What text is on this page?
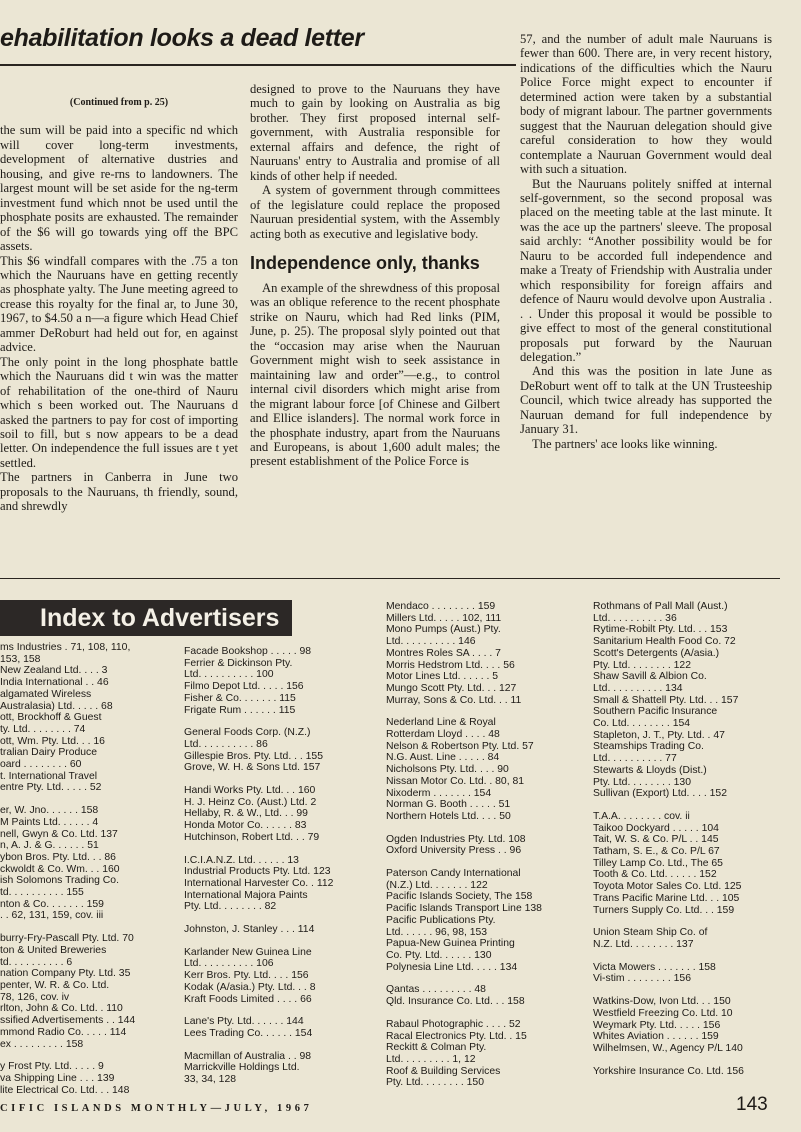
ehabilitation looks a dead letter
(Continued from p. 25)

the sum will be paid into a specific nd which will cover long-term investments, development of alternative dustries and housing, and give re-rns to landowners. The largest mount will be set aside for the ng-term investment fund which nnot be used until the phosphate posits are exhausted. The remainder of the $6 will go towards ying off the BPC assets.

This $6 windfall compares with the .75 a ton which the Nauruans have en getting recently as phosphate yalty. The June meeting agreed to crease this royalty for the final ar, to June 30, 1967, to $4.50 a n—a figure which Head Chief ammer DeRoburt had held out for, en against advice.

The only point in the long phosphate battle which the Nauruans did t win was the matter of rehabilitation of the one-third of Nauru which s been worked out. The Nauruans d asked the partners to pay for cost of importing soil to fill, but s now appears to be a dead letter. On independence the full issues are t yet settled.

The partners in Canberra in June two proposals to the Nauruans, th friendly, sound, and shrewdly

designed to prove to the Nauruans they have much to gain by looking on Australia as big brother. They first proposed internal self-government, with Australia responsible for external affairs and defence, the right of Nauruans' entry to Australia and promise of all kinds of other help if needed.

A system of government through committees of the legislature could replace the proposed Nauruan presidential system, with the Assembly acting both as executive and legislative body.

Independence only, thanks

An example of the shrewdness of this proposal was an oblique reference to the recent phosphate strike on Nauru, which had Red links (PIM, June, p. 25). The proposal slyly pointed out that the “occasion may arise when the Nauruan Government might wish to seek assistance in maintaining law and order”—e.g., to control internal civil disorders which might arise from the migrant labour force [of Chinese and Gilbert and Ellice islanders]. The normal work force in the phosphate industry, apart from the Nauruans and Europeans, is about 1,600 adult males; the present establishment of the Police Force is

57, and the number of adult male Nauruans is fewer than 600. There are, in very recent history, indications of the difficulties which the Nauru Police Force might expect to encounter if determined action were taken by a substantial body of migrant labour. The partner governments suggest that the Nauruan delegation should give careful consideration to how they would contemplate a Nauruan Government would deal with such a situation.

But the Nauruans politely sniffed at internal self-government, so the second proposal was placed on the meeting table at the last minute. It was the ace up the partners' sleeve. The proposal said archly: “Another possibility would be for Nauru to be accorded full independence and make a Treaty of Friendship with Australia under which responsibility for foreign affairs and defence of Nauru would devolve upon Australia . . . Under this proposal it would be possible to give effect to most of the general constitutional proposals put forward by the Nauruan delegation.”

And this was the position in late June as DeRoburt went off to talk at the UN Trusteeship Council, which twice already has supported the Nauruan demand for full independence by January 31.

The partners' ace looks like winning.

Index to Advertisers
ms Industries . 71, 108, 110,
153, 158
New Zealand Ltd. . . . 3
India International . . 46
algamated Wireless
Australasia) Ltd. . . . . 68
ott, Brockhoff & Guest
ty. Ltd. . . . . . . . 74
ott, Wm. Pty. Ltd. . . 16
tralian Dairy Produce
oard . . . . . . . . 60
t. International Travel
entre Pty. Ltd. . . . . 52
er, W. Jno. . . . . . 158
M Paints Ltd. . . . . . 4
nell, Gwyn & Co. Ltd. 137
n, A. J. & G. . . . . . 51
ybon Bros. Pty. Ltd. . . 86
ckwoldt & Co. Wm. . . 160
ish Solomons Trading Co.
td. . . . . . . . . . 155
nton & Co. . . . . . . 159
. . 62, 131, 159, cov. iii
burry-Fry-Pascall Pty. Ltd. 70
ton & United Breweries
td. . . . . . . . . . 6
nation Company Pty. Ltd. 35
penter, W. R. & Co. Ltd.
78, 126, cov. iv
rlton, John & Co. Ltd. . 110
ssified Advertisements . . 144
mmond Radio Co. . . . . 114
ex . . . . . . . . . 158
y Frost Pty. Ltd. . . . . 9
va Shipping Line . . . 139
lite Electrical Co. Ltd. . . 148
Facade Bookshop . . . . . 98
Ferrier & Dickinson Pty.
Ltd. . . . . . . . . . 100
Filmo Depot Ltd. . . . . 156
Fisher & Co. . . . . . . 115
Frigate Rum . . . . . . 115
General Foods Corp. (N.Z.)
Ltd. . . . . . . . . . 86
Gillespie Bros. Pty. Ltd. . . 155
Grove, W. H. & Sons Ltd. 157
Handi Works Pty. Ltd. . . 160
H. J. Heinz Co. (Aust.) Ltd. 2
Hellaby, R. & W., Ltd. . . 99
Honda Motor Co. . . . . . 83
Hutchinson, Robert Ltd. . . 79
I.C.I.A.N.Z. Ltd. . . . . . 13
Industrial Products Pty. Ltd. 123
International Harvester Co. . 112
International Majora Paints
Pty. Ltd. . . . . . . . 82
Johnston, J. Stanley . . . 114
Karlander New Guinea Line
Ltd. . . . . . . . . . 106
Kerr Bros. Pty. Ltd. . . . 156
Kodak (A/asia.) Pty. Ltd. . . 8
Kraft Foods Limited . . . . 66
Lane's Pty. Ltd. . . . . . 144
Lees Trading Co. . . . . . 154
Macmillan of Australia . . 98
Marrickville Holdings Ltd.
33, 34, 128
Mendaco . . . . . . . . 159
Millers Ltd. . . . . 102, 111
Mono Pumps (Aust.) Pty.
Ltd. . . . . . . . . . 146
Montres Roles SA . . . . 7
Morris Hedstrom Ltd. . . . 56
Motor Lines Ltd. . . . . . 5
Mungo Scott Pty. Ltd. . . 127
Murray, Sons & Co. Ltd. . . 11
Nederland Line & Royal
Rotterdam Lloyd . . . . 48
Nelson & Robertson Pty. Ltd. 57
N.G. Aust. Line . . . . . 84
Nicholsons Pty. Ltd. . . . 90
Nissan Motor Co. Ltd. . 80, 81
Nixoderm . . . . . . . 154
Norman G. Booth . . . . . 51
Northern Hotels Ltd. . . . 50
Ogden Industries Pty. Ltd. 108
Oxford University Press . . 96
Paterson Candy International
(N.Z.) Ltd. . . . . . . 122
Pacific Islands Society, The 158
Pacific Islands Transport Line 138
Pacific Publications Pty.
Ltd. . . . . . 96, 98, 153
Papua-New Guinea Printing
Co. Pty. Ltd. . . . . . 130
Polynesia Line Ltd. . . . . 134
Qantas . . . . . . . . . 48
Qld. Insurance Co. Ltd. . . 158
Rabaul Photographic . . . . 52
Racal Electronics Pty. Ltd. . 15
Reckitt & Colman Pty.
Ltd. . . . . . . . . 1, 12
Roof & Building Services
Pty. Ltd. . . . . . . . 150
Rothmans of Pall Mall (Aust.)
Ltd. . . . . . . . . . 36
Rytime-Robilt Pty. Ltd. . . 153
Sanitarium Health Food Co. 72
Scott's Detergents (A/asia.)
Pty. Ltd. . . . . . . . 122
Shaw Savill & Albion Co.
Ltd. . . . . . . . . . 134
Small & Shattell Pty. Ltd. . . 157
Southern Pacific Insurance
Co. Ltd. . . . . . . . 154
Stapleton, J. T., Pty. Ltd. . 47
Steamships Trading Co.
Ltd. . . . . . . . . . 77
Stewarts & Lloyds (Dist.)
Pty. Ltd. . . . . . . . 130
Sullivan (Export) Ltd. . . . 152
T.A.A. . . . . . . . cov. ii
Taikoo Dockyard . . . . . 104
Tait, W. S. & Co. P/L . . 145
Tatham, S. E., & Co. P/L 67
Tilley Lamp Co. Ltd., The 65
Tooth & Co. Ltd. . . . . . 152
Toyota Motor Sales Co. Ltd. 125
Trans Pacific Marine Ltd. . . 105
Turners Supply Co. Ltd. . . 159
Union Steam Ship Co. of
N.Z. Ltd. . . . . . . . 137
Victa Mowers . . . . . . . 158
Vi-stim . . . . . . . . 156
Watkins-Dow, Ivon Ltd. . . 150
Westfield Freezing Co. Ltd. 10
Weymark Pty. Ltd. . . . . 156
Whites Aviation . . . . . . 159
Wilhelmsen, W., Agency P/L 140
Yorkshire Insurance Co. Ltd. 156
CIFIC ISLANDS MONTHLY—JULY, 1967	143
